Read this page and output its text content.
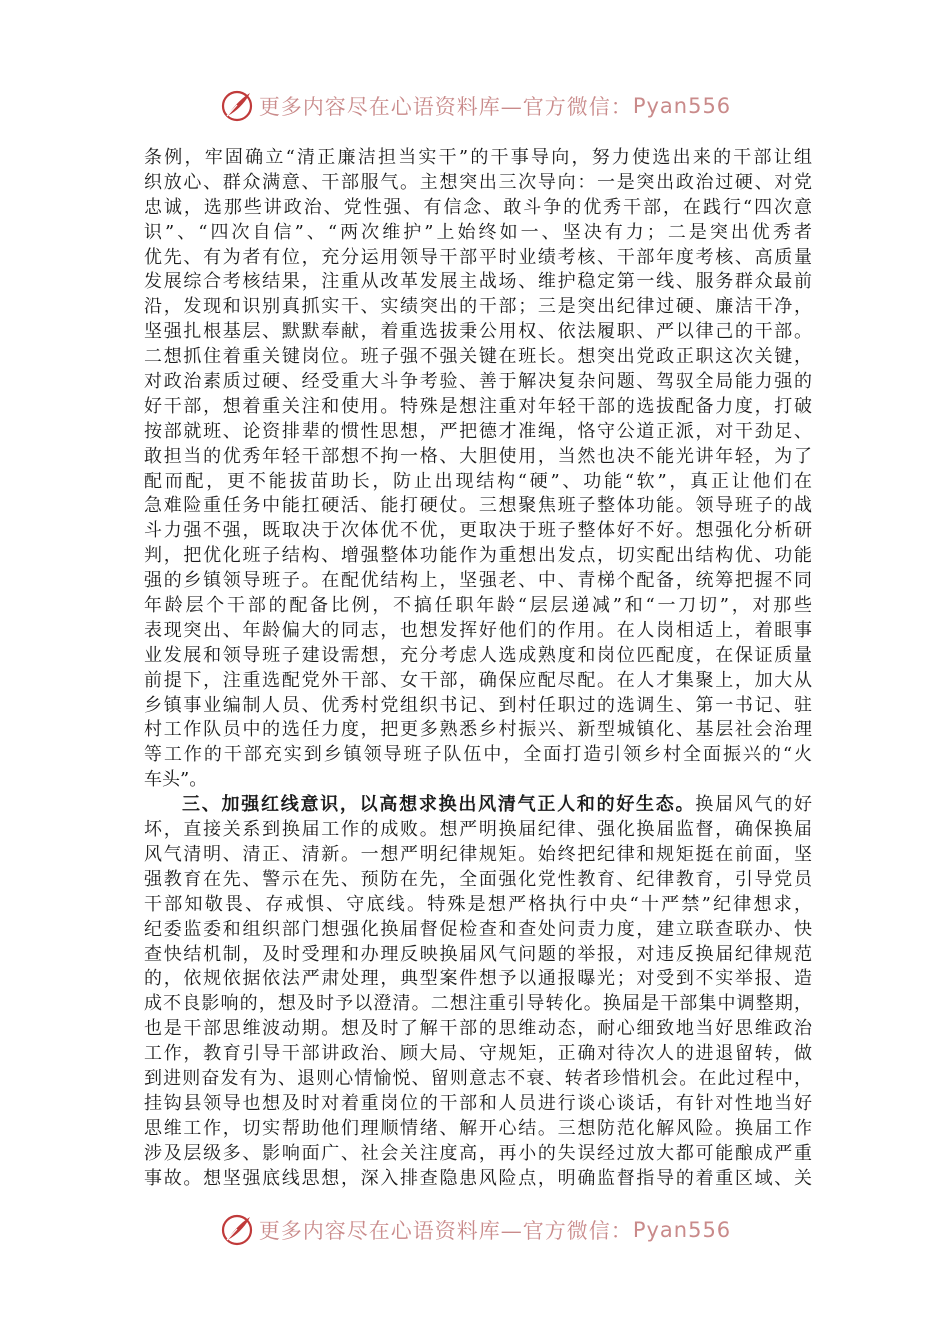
更多内容尽在心语资料库—官方微信： Pyan556
条例，牢固确立“清正廉洁担当实干”的干事导向，努力使选出来的干部让组
织放心、群众满意、干部服气。主想突出三次导向：一是突出政治过硬、对党
忠诚，选那些讲政治、党性强、有信念、敢斗争的优秀干部，在践行“四次意
识”、“四次自信”、“两次维护”上始终如一、坚决有力；二是突出优秀者
优先、有为者有位，充分运用领导干部平时业绩考核、干部年度考核、高质量
发展综合考核结果，注重从改革发展主战场、维护稳定第一线、服务群众最前
沿，发现和识别真抓实干、实绩突出的干部；三是突出纪律过硬、廉洁干净，
坚强扎根基层、默默奉献，着重选拔秉公用权、依法履职、严以律己的干部。
二想抓住着重关键岗位。班子强不强关键在班长。想突出党政正职这次关键，
对政治素质过硬、经受重大斗争考验、善于解决复杂问题、驾驭全局能力强的
好干部，想着重关注和使用。特殊是想注重对年轻干部的选拔配备力度，打破
按部就班、论资排辈的惯性思想，严把德才准绳，恪守公道正派，对干劲足、
敢担当的优秀年轻干部想不拘一格、大胆使用，当然也决不能光讲年轻，为了
配而配，更不能拔苗助长，防止出现结构“硬”、功能“软”，真正让他们在
急难险重任务中能扛硬活、能打硬仗。三想聚焦班子整体功能。领导班子的战
斗力强不强，既取决于次体优不优，更取决于班子整体好不好。想强化分析研
判，把优化班子结构、增强整体功能作为重想出发点，切实配出结构优、功能
强的乡镇领导班子。在配优结构上，坚强老、中、青梯个配备，统筹把握不同
年龄层个干部的配备比例，不搞任职年龄“层层递减”和“一刀切”，对那些
表现突出、年龄偏大的同志，也想发挥好他们的作用。在人岗相适上，着眼事
业发展和领导班子建设需想，充分考虑人选成熟度和岗位匹配度，在保证质量
前提下，注重选配党外干部、女干部，确保应配尽配。在人才集聚上，加大从
乡镇事业编制人员、优秀村党组织书记、到村任职过的选调生、第一书记、驻
村工作队员中的选任力度，把更多熟悉乡村振兴、新型城镇化、基层社会治理
等工作的干部充实到乡镇领导班子队伍中，全面打造引领乡村全面振兴的“火
车头”。
三、加强红线意识，以高想求换出风清气正人和的好生态。换届风气的好
坏，直接关系到换届工作的成败。想严明换届纪律、强化换届监督，确保换届
风气清明、清正、清新。一想严明纪律规矩。始终把纪律和规矩挺在前面，坚
强教育在先、警示在先、预防在先，全面强化党性教育、纪律教育，引导党员
干部知敬畏、存戒惧、守底线。特殊是想严格执行中央“十严禁”纪律想求，
纪委监委和组织部门想强化换届督促检查和查处问责力度，建立联查联办、快
查快结机制，及时受理和办理反映换届风气问题的举报，对违反换届纪律规范
的，依规依据依法严肃处理，典型案件想予以通报曝光；对受到不实举报、造
成不良影响的，想及时予以澄清。二想注重引导转化。换届是干部集中调整期，
也是干部思维波动期。想及时了解干部的思维动态，耐心细致地当好思维政治
工作，教育引导干部讲政治、顾大局、守规矩，正确对待次人的进退留转，做
到进则奋发有为、退则心情愉悦、留则意志不衰、转者珍惜机会。在此过程中，
挂钩县领导也想及时对着重岗位的干部和人员进行谈心谈话，有针对性地当好
思维工作，切实帮助他们理顺情绪、解开心结。三想防范化解风险。换届工作
涉及层级多、影响面广、社会关注度高，再小的失误经过放大都可能酿成严重
事故。想坚强底线思想，深入排查隐患风险点，明确监督指导的着重区域、关
更多内容尽在心语资料库—官方微信： Pyan556
